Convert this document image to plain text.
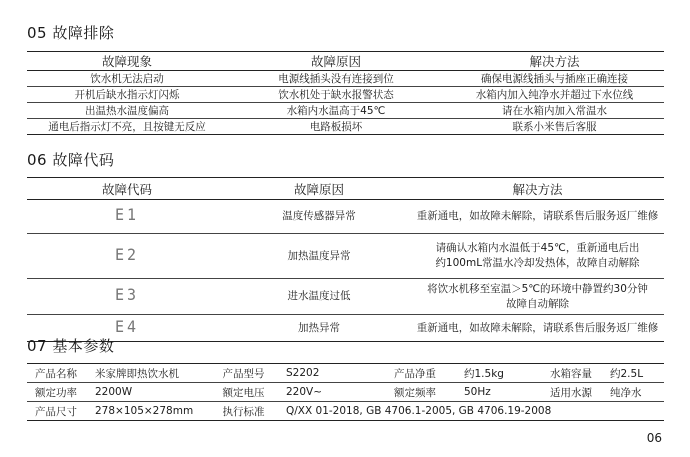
05 故障排除
故障现象	故障原因	解决方法
饮水机无法启动	电源线插头没有连接到位	确保电源线插头与插座正确连接
开机后缺水指示灯闪烁	饮水机处于缺水报警状态	水箱内加入纯净水并超过下水位线
出温热水温度偏高	水箱内水温高于45℃	请在水箱内加入常温水
通电后指示灯不亮，且按键无反应	电路板损坏	联系小米售后客服
06 故障代码
故障代码	故障原因	解决方法
E1	温度传感器异常	重新通电，如故障未解除，请联系售后服务返厂维修
E2	加热温度异常	请确认水箱内水温低于45℃，重新通电后出
约100mL常温水冷却发热体，故障自动解除
E3	进水温度过低	将饮水机移至室温＞5℃的环境中静置约30分钟
故障自动解除
E4	加热异常	重新通电，如故障未解除，请联系售后服务返厂维修
07 基本参数
产品名称	米家牌即热饮水机	产品型号	S2202	产品净重	约1.5kg	水箱容量	约2.5L
额定功率	2200W	额定电压	220V~	额定频率	50Hz	适用水源	纯净水
产品尺寸	278×105×278mm	执行标准	Q/XX 01-2018, GB 4706.1-2005, GB 4706.19-2008				
06
